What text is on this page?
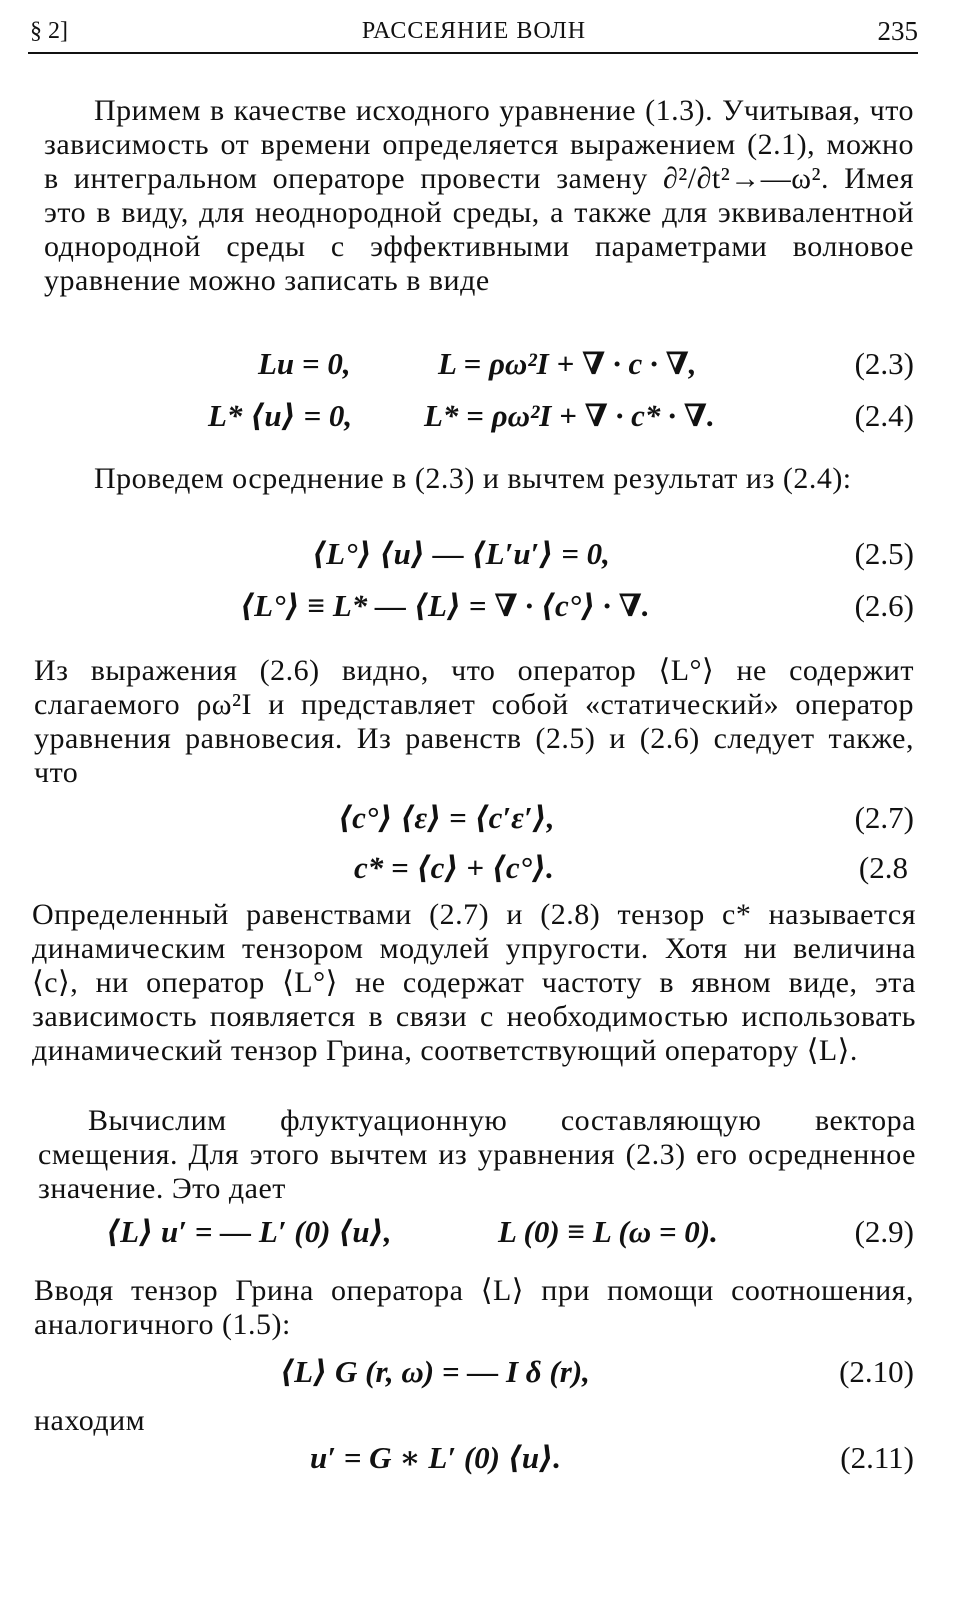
§ 2]	РАССЕЯНИЕ ВОЛН	235
Примем в качестве исходного уравнение (1.3). Учитывая, что зависимость от времени определяется выражением (2.1), можно в интегральном операторе провести замену ∂²/∂t²→—ω². Имея это в виду, для неоднородной среды, а также для эквивалентной однородной среды с эффективными параметрами волновое уравнение можно записать в виде
Lu = 0,	L = ρω²I + ∇ · c · ∇,	(2.3)
L* ⟨u⟩ = 0, L* = ρω²I + ∇ · c* · ∇.	(2.4)
Проведем осреднение в (2.3) и вычтем результат из (2.4):
⟨L°⟩ ⟨u⟩ — ⟨L′u′⟩ = 0,	(2.5)
⟨L°⟩ ≡ L* — ⟨L⟩ = ∇ · ⟨c°⟩ · ∇.	(2.6)
Из выражения (2.6) видно, что оператор ⟨L°⟩ не содержит слагаемого ρω²I и представляет собой «статический» оператор уравнения равновесия. Из равенств (2.5) и (2.6) следует также, что
⟨c°⟩ ⟨ε⟩ = ⟨c′ε′⟩,	(2.7)
c* = ⟨c⟩ + ⟨c°⟩.	(2.8
Определенный равенствами (2.7) и (2.8) тензор c* называется динамическим тензором модулей упругости. Хотя ни величина ⟨c⟩, ни оператор ⟨L°⟩ не содержат частоту в явном виде, эта зависимость появляется в связи с необходимостью использовать динамический тензор Грина, соответствующий оператору ⟨L⟩.
Вычислим флуктуационную составляющую вектора смещения. Для этого вычтем из уравнения (2.3) его осредненное значение. Это дает
⟨L⟩ u′ = — L′ (0) ⟨u⟩,	L (0) ≡ L (ω = 0).	(2.9)
Вводя тензор Грина оператора ⟨L⟩ при помощи соотношения, аналогичного (1.5):
⟨L⟩ G (r, ω) = — I δ (r),	(2.10)
находим
u′ = G ∗ L′ (0) ⟨u⟩.	(2.11)
